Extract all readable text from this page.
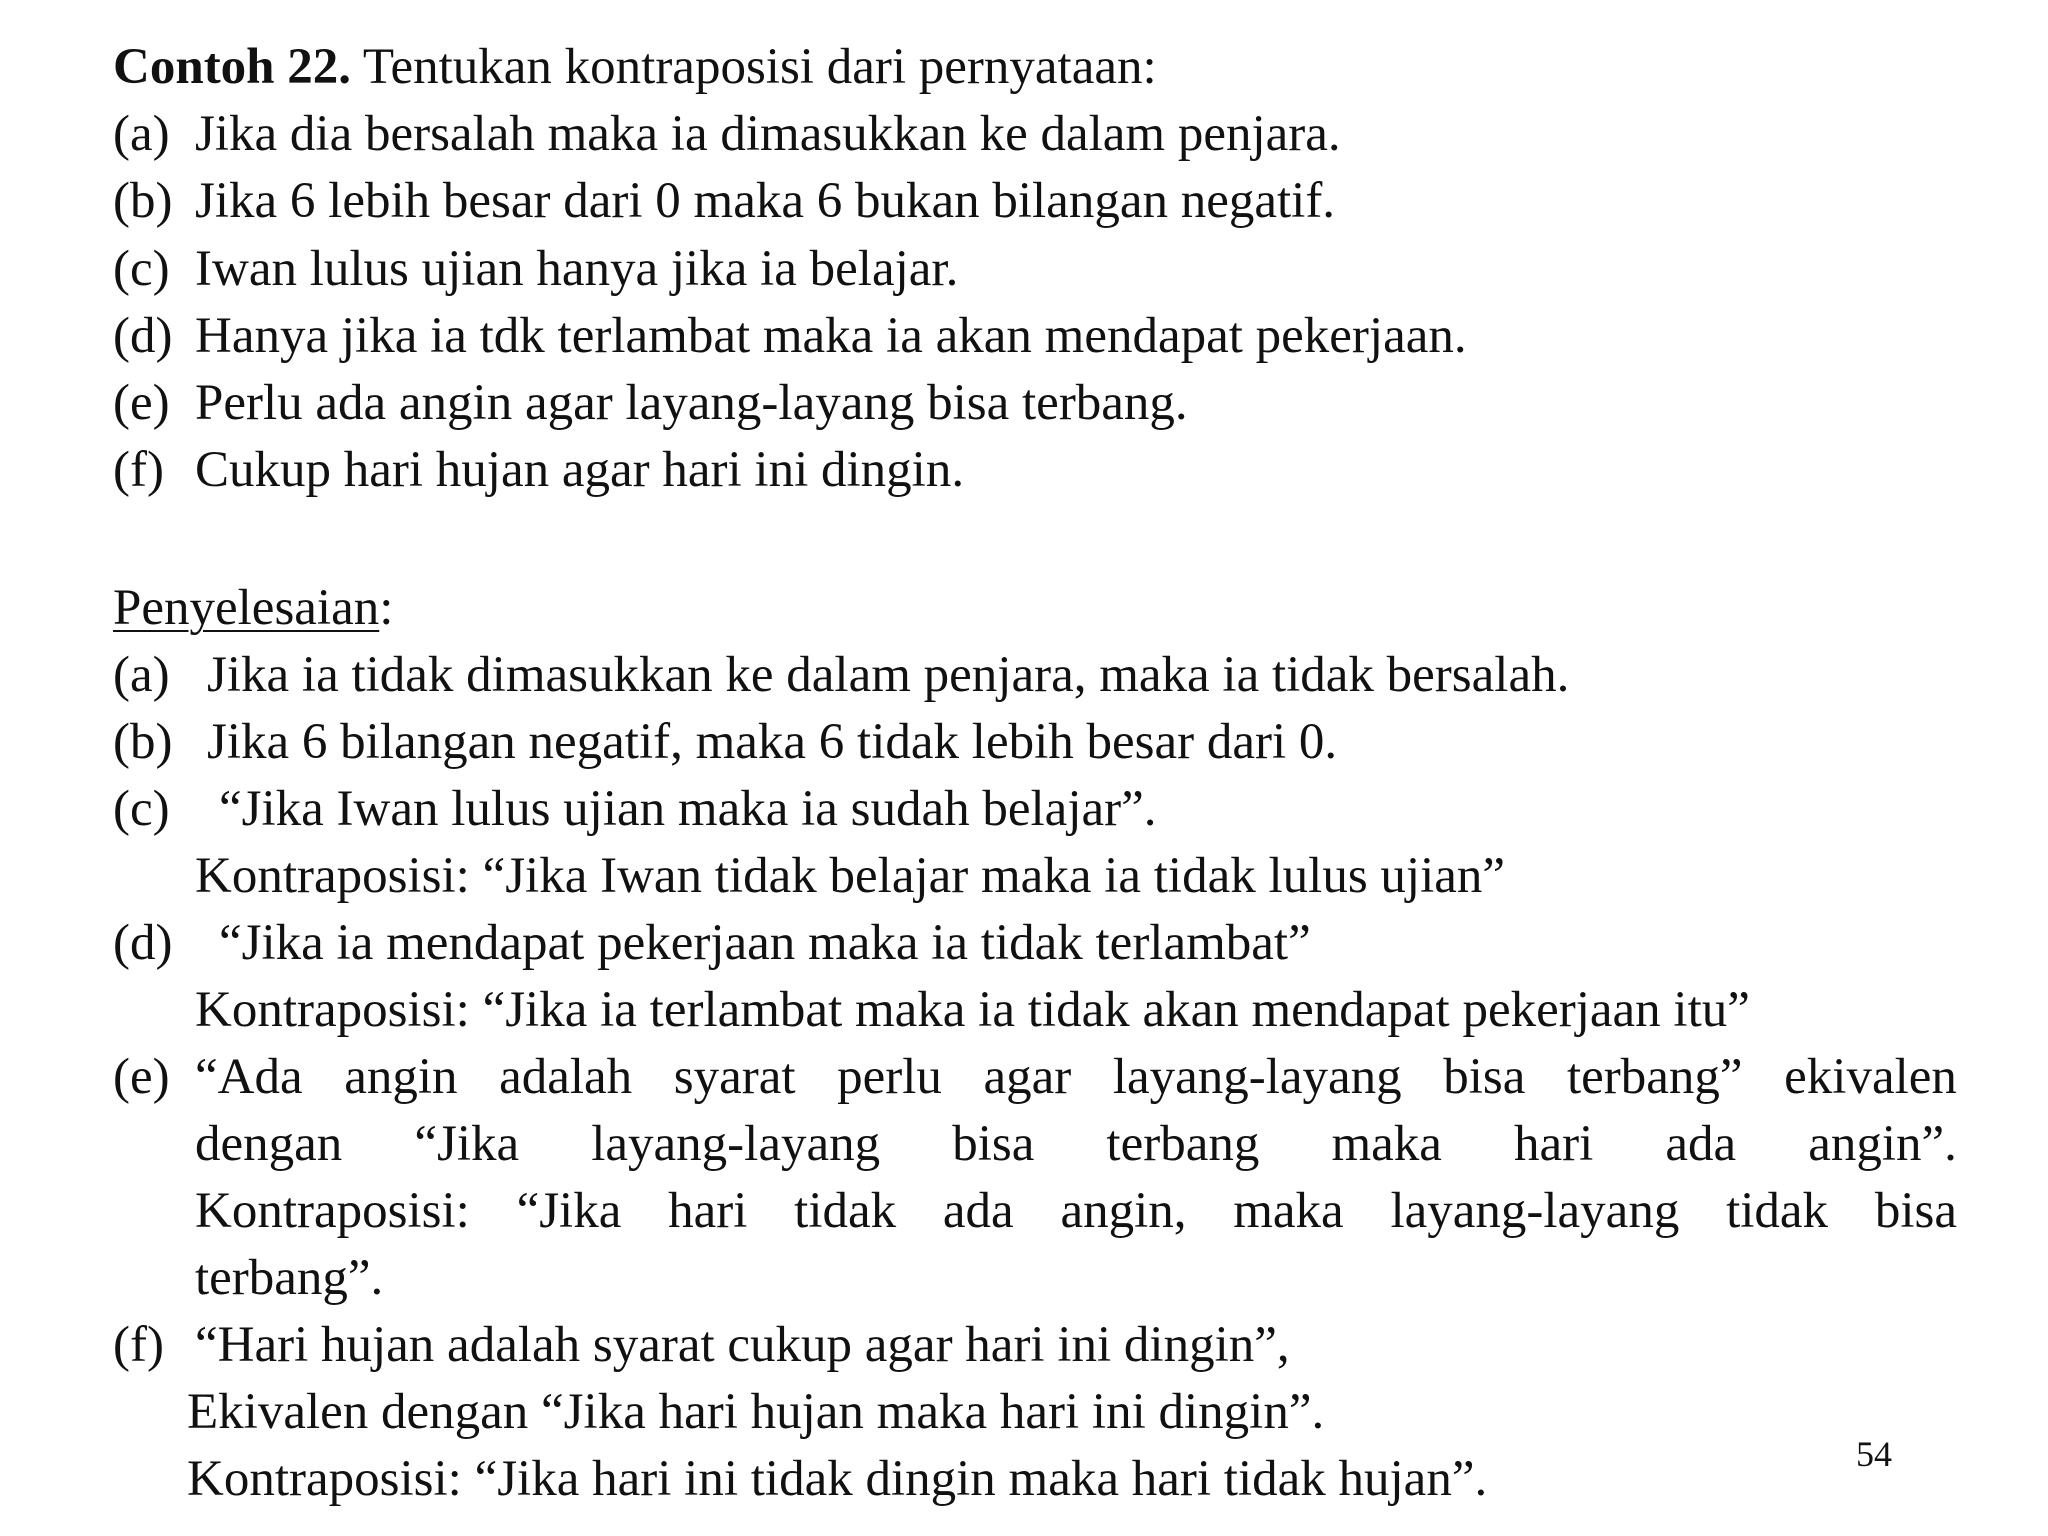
Contoh 22. Tentukan kontraposisi dari pernyataan:
(a) Jika dia bersalah maka ia dimasukkan ke dalam penjara.
(b) Jika 6 lebih besar dari 0 maka 6 bukan bilangan negatif.
(c) Iwan lulus ujian hanya jika ia belajar.
(d) Hanya jika ia tdk terlambat maka ia akan mendapat pekerjaan.
(e) Perlu ada angin agar layang-layang bisa terbang.
(f) Cukup hari hujan agar hari ini dingin.
Penyelesaian:
(a) Jika ia tidak dimasukkan ke dalam penjara, maka ia tidak bersalah.
(b) Jika 6 bilangan negatif, maka 6 tidak lebih besar dari 0.
(c) “Jika Iwan lulus ujian maka ia sudah belajar”.
Kontraposisi: “Jika Iwan tidak belajar maka ia tidak lulus ujian”
(d) “Jika ia mendapat pekerjaan maka ia tidak terlambat”
Kontraposisi: “Jika ia terlambat maka ia tidak akan mendapat pekerjaan itu”
(e) “Ada angin adalah syarat perlu agar layang-layang bisa terbang” ekivalen
dengan “Jika layang-layang bisa terbang maka hari ada angin”.
Kontraposisi: “Jika hari tidak ada angin, maka layang-layang tidak bisa
terbang”.
(f) “Hari hujan adalah syarat cukup agar hari ini dingin”,
Ekivalen dengan “Jika hari hujan maka hari ini dingin”.
Kontraposisi: “Jika hari ini tidak dingin maka hari tidak hujan”.	54
